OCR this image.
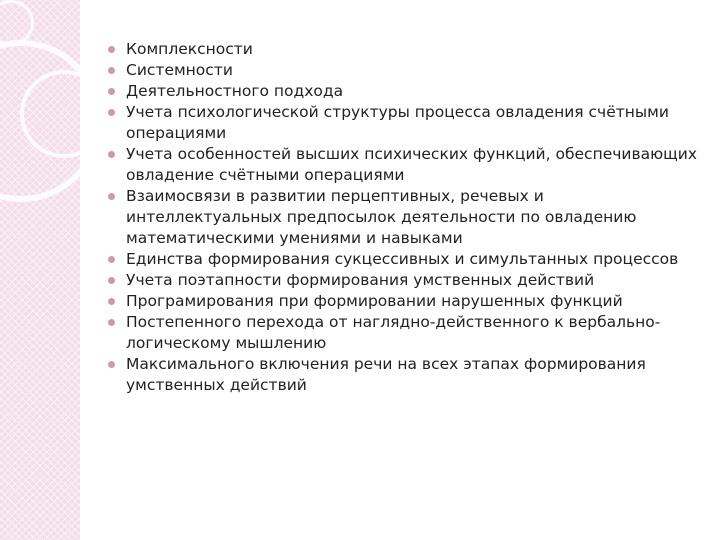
Комплексности
Системности
Деятельностного подхода
Учета психологической структуры процесса овладения счётными операциями
Учета особенностей высших психических функций, обеспечивающих овладение счётными операциями
Взаимосвязи в развитии перцептивных, речевых и интеллектуальных предпосылок деятельности по овладению математическими умениями и навыками
Единства формирования сукцессивных и симультанных процессов
Учета поэтапности формирования умственных действий
Програмирования при формировании нарушенных функций
Постепенного перехода от наглядно-действенного к вербально-логическому мышлению
Максимального включения речи на всех этапах формирования умственных действий
